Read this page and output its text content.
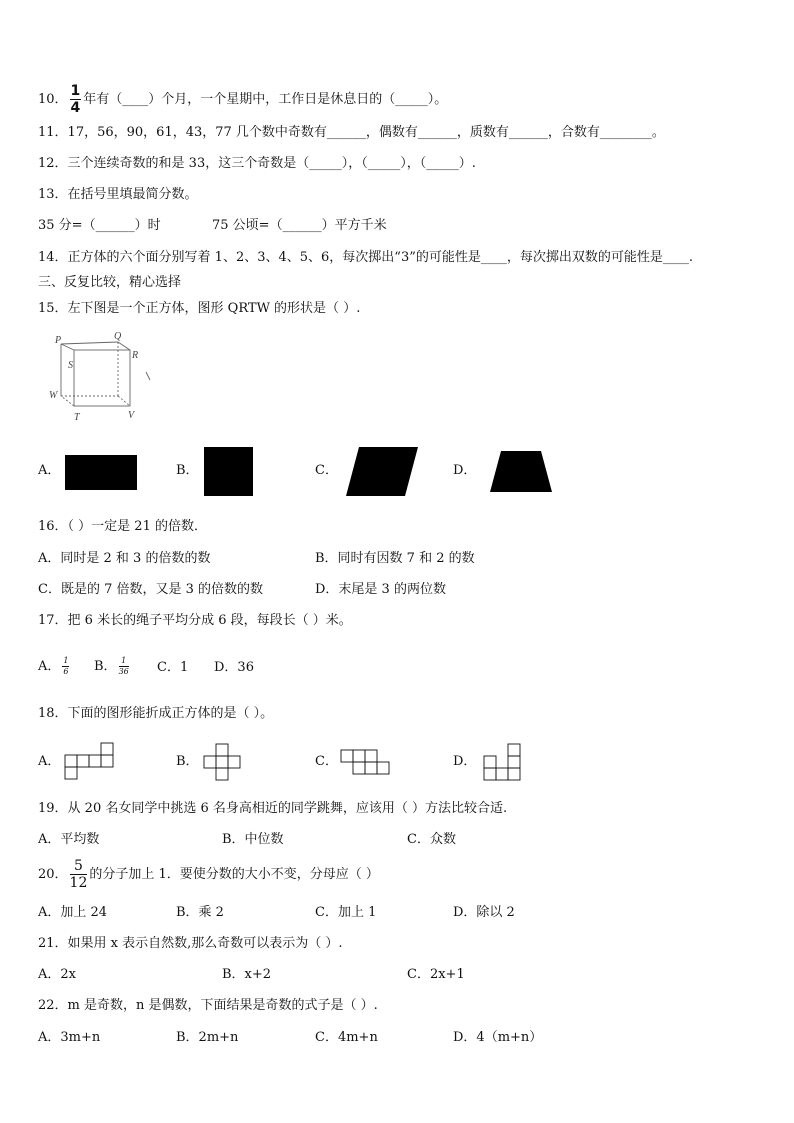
10． $\frac{1}{4}$ 年有（____）个月，一个星期中，工作日是休息日的（_____）。
11．17，56，90，61，43，77 几个数中奇数有______，偶数有______，质数有______，合数有________。
12．三个连续奇数的和是 33，这三个奇数是（_____），（_____），（_____）.
13．在括号里填最简分数。
35 分=（______）时	75 公顷=（______）平方千米
14．正方体的六个面分别写着 1、2、3、4、5、6，每次掷出“3”的可能性是____，每次掷出双数的可能性是____.
三、反复比较，精心选择
15．左下图是一个正方体，图形 QRTW 的形状是（ ）.
P	Q
S
R
W
T	V
A．	B．	C．	D．
16．（ ）一定是 21 的倍数．
A．同时是 2 和 3 的倍数的数	B．同时有因数 7 和 2 的数
C．既是的 7 倍数，又是 3 的倍数的数	D．末尾是 3 的两位数
17．把 6 米长的绳子平均分成 6 段，每段长（ ）米。
A． $\frac{1}{6}$ B． $\frac{1}{36}$ C．1 D．36
18．下面的图形能折成正方体的是（ ）。
A．	B．	C．	D．
19．从 20 名女同学中挑选 6 名身高相近的同学跳舞，应该用（ ）方法比较合适.
A．平均数	B．中位数	C．众数
20． $\frac{5}{12}$ 的分子加上 1．要使分数的大小不变，分母应（ ）
A．加上 24	B．乘 2	C．加上 1	D．除以 2
21．如果用 x 表示自然数,那么奇数可以表示为（ ）.
A．2x	B．x+2	C．2x+1
22．m 是奇数，n 是偶数，下面结果是奇数的式子是（ ）.
A．3m+n	B．2m+n	C．4m+n	D．4（m+n）
